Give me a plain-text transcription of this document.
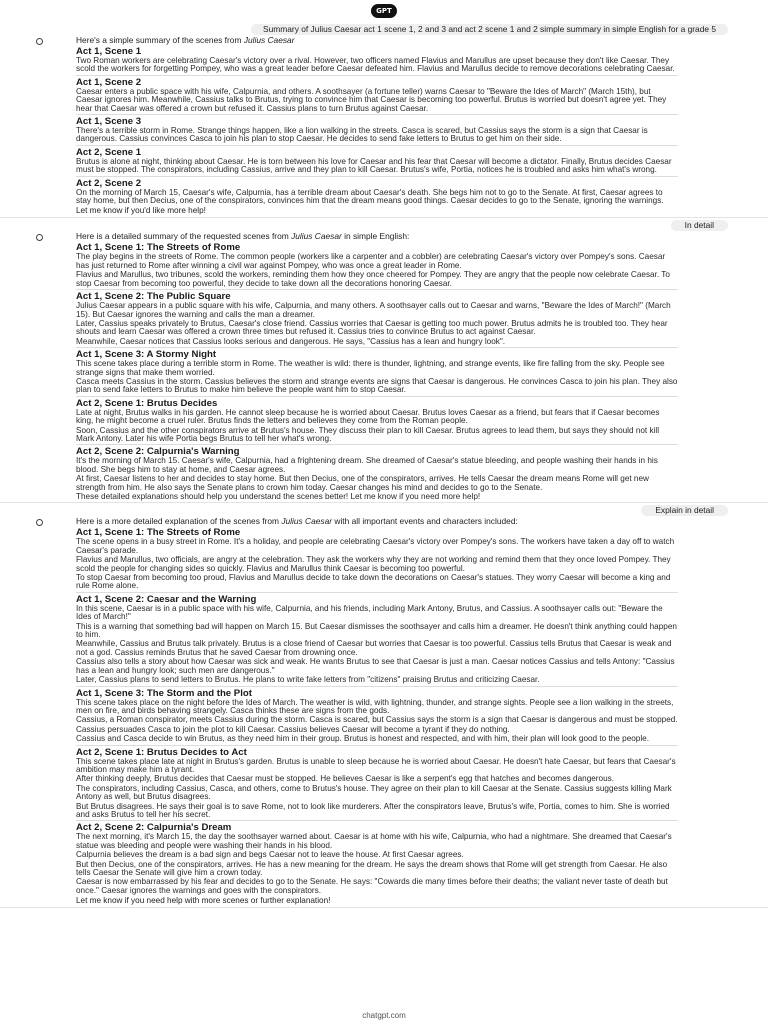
GPT
Summary of Julius Caesar act 1 scene 1, 2 and 3 and act 2 scene 1 and 2 simple summary in simple English for a grade 5

Here's a simple summary of the scenes from Julius Caesar

Act 1, Scene 1

Two Roman workers are celebrating Caesar's victory over a rival. However, two officers named Flavius and Marullus are upset because they don't like Caesar. They scold the workers for forgetting Pompey, who was a great leader before Caesar defeated him. Flavius and Marullus decide to remove decorations celebrating Caesar.

Act 1, Scene 2

Caesar enters a public space with his wife, Calpurnia, and others. A soothsayer (a fortune teller) warns Caesar to "Beware the Ides of March" (March 15th), but Caesar ignores him. Meanwhile, Cassius talks to Brutus, trying to convince him that Caesar is becoming too powerful. Brutus is worried but doesn't agree yet. They hear that Caesar was offered a crown but refused it. Cassius plans to turn Brutus against Caesar.

Act 1, Scene 3

There's a terrible storm in Rome. Strange things happen, like a lion walking in the streets. Casca is scared, but Cassius says the storm is a sign that Caesar is dangerous. Cassius convinces Casca to join his plan to stop Caesar. He decides to send fake letters to Brutus to get him on their side.

Act 2, Scene 1

Brutus is alone at night, thinking about Caesar. He is torn between his love for Caesar and his fear that Caesar will become a dictator. Finally, Brutus decides Caesar must be stopped. The conspirators, including Cassius, arrive and they plan to kill Caesar. Brutus's wife, Portia, notices he is troubled and asks him what's wrong.

Act 2, Scene 2

On the morning of March 15, Caesar's wife, Calpurnia, has a terrible dream about Caesar's death. She begs him not to go to the Senate. At first, Caesar agrees to stay home, but then Decius, one of the conspirators, convinces him that the dream means good things. Caesar decides to go to the Senate, ignoring the warnings.

Let me know if you'd like more help!

In detail

Here is a detailed summary of the requested scenes from Julius Caesar in simple English:

Act 1, Scene 1: The Streets of Rome

The play begins in the streets of Rome. The common people (workers like a carpenter and a cobbler) are celebrating Caesar's victory over Pompey's sons. Caesar has just returned to Rome after winning a civil war against Pompey, who was once a great leader in Rome.

Flavius and Marullus, two tribunes, scold the workers, reminding them how they once cheered for Pompey. They are angry that the people now celebrate Caesar. To stop Caesar from becoming too powerful, they decide to take down all the decorations honoring Caesar.

Act 1, Scene 2: The Public Square

Julius Caesar appears in a public square with his wife, Calpurnia, and many others. A soothsayer calls out to Caesar and warns, "Beware the Ides of March!" (March 15). But Caesar ignores the warning and calls the man a dreamer.

Later, Cassius speaks privately to Brutus, Caesar's close friend. Cassius worries that Caesar is getting too much power. Brutus admits he is troubled too. They hear shouts and learn Caesar was offered a crown three times but refused it. Cassius tries to convince Brutus to act against Caesar.

Meanwhile, Caesar notices that Cassius looks serious and dangerous. He says, "Cassius has a lean and hungry look".

Act 1, Scene 3: A Stormy Night

This scene takes place during a terrible storm in Rome. The weather is wild: there is thunder, lightning, and strange events, like fire falling from the sky. People see strange signs that make them worried.

Casca meets Cassius in the storm. Cassius believes the storm and strange events are signs that Caesar is dangerous. He convinces Casca to join his plan. They also plan to send fake letters to Brutus to make him believe the people want him to stop Caesar.

Act 2, Scene 1: Brutus Decides

Late at night, Brutus walks in his garden. He cannot sleep because he is worried about Caesar. Brutus loves Caesar as a friend, but fears that if Caesar becomes king, he might become a cruel ruler. Brutus finds the letters and believes they come from the Roman people.

Soon, Cassius and the other conspirators arrive at Brutus's house. They discuss their plan to kill Caesar. Brutus agrees to lead them, but says they should not kill Mark Antony. Later his wife Portia begs Brutus to tell her what's wrong.

Act 2, Scene 2: Calpurnia's Warning

It's the morning of March 15. Caesar's wife, Calpurnia, had a frightening dream. She dreamed of Caesar's statue bleeding, and people washing their hands in his blood. She begs him to stay at home, and Caesar agrees.

At first, Caesar listens to her and decides to stay home. But then Decius, one of the conspirators, arrives. He tells Caesar the dream means Rome will get new strength from him. He also says the Senate plans to crown him today. Caesar changes his mind and decides to go to the Senate.

These detailed explanations should help you understand the scenes better! Let me know if you need more help!

Explain in detail

Here is a more detailed explanation of the scenes from Julius Caesar with all important events and characters included:

Act 1, Scene 1: The Streets of Rome

The scene opens in a busy street in Rome. It's a holiday, and people are celebrating Caesar's victory over Pompey's sons. The workers have taken a day off to watch Caesar's parade.

Flavius and Marullus, two officials, are angry at the celebration. They ask the workers why they are not working and remind them that they once loved Pompey. They scold the people for changing sides so quickly. Flavius and Marullus think Caesar is becoming too powerful.

To stop Caesar from becoming too proud, Flavius and Marullus decide to take down the decorations on Caesar's statues. They worry Caesar will become a king and rule Rome alone.

Act 1, Scene 2: Caesar and the Warning

In this scene, Caesar is in a public space with his wife, Calpurnia, and his friends, including Mark Antony, Brutus, and Cassius. A soothsayer calls out: "Beware the Ides of March!"

This is a warning that something bad will happen on March 15. But Caesar dismisses the soothsayer and calls him a dreamer. He doesn't think anything could happen to him.

Meanwhile, Cassius and Brutus talk privately. Brutus is a close friend of Caesar but worries that Caesar is too powerful. Cassius tells Brutus that Caesar is weak and not a god. Cassius reminds Brutus that he saved Caesar from drowning once.

Cassius also tells a story about how Caesar was sick and weak. He wants Brutus to see that Caesar is just a man. Caesar notices Cassius and tells Antony: "Cassius has a lean and hungry look; such men are dangerous."

Later, Cassius plans to send letters to Brutus. He plans to write fake letters from "citizens" praising Brutus and criticizing Caesar.

Act 1, Scene 3: The Storm and the Plot

This scene takes place on the night before the Ides of March. The weather is wild, with lightning, thunder, and strange sights. People see a lion walking in the streets, men on fire, and birds behaving strangely. Casca thinks these are signs from the gods.

Cassius, a Roman conspirator, meets Cassius during the storm. Casca is scared, but Cassius says the storm is a sign that Caesar is dangerous and must be stopped.

Cassius persuades Casca to join the plot to kill Caesar. Cassius believes Caesar will become a tyrant if they do nothing.

Cassius and Casca decide to win Brutus, as they need him in their group. Brutus is honest and respected, and with him, their plan will look good to the people.

Act 2, Scene 1: Brutus Decides to Act

This scene takes place late at night in Brutus's garden. Brutus is unable to sleep because he is worried about Caesar. He doesn't hate Caesar, but fears that Caesar's ambition may make him a tyrant.

After thinking deeply, Brutus decides that Caesar must be stopped. He believes Caesar is like a serpent's egg that hatches and becomes dangerous.

The conspirators, including Cassius, Casca, and others, come to Brutus's house. They agree on their plan to kill Caesar at the Senate. Cassius suggests killing Mark Antony as well, but Brutus disagrees.

But Brutus disagrees. He says their goal is to save Rome, not to look like murderers. After the conspirators leave, Brutus's wife, Portia, comes to him. She is worried and asks Brutus to tell her his secret.

Act 2, Scene 2: Calpurnia's Dream

The next morning, it's March 15, the day the soothsayer warned about. Caesar is at home with his wife, Calpurnia, who had a nightmare. She dreamed that Caesar's statue was bleeding and people were washing their hands in his blood.

Calpurnia believes the dream is a bad sign and begs Caesar not to leave the house. At first Caesar agrees.

But then Decius, one of the conspirators, arrives. He has a new meaning for the dream. He says the dream shows that Rome will get strength from Caesar. He also tells Caesar the Senate will give him a crown today.

Caesar is now embarrassed by his fear and decides to go to the Senate. He says: "Cowards die many times before their deaths; the valiant never taste of death but once." Caesar ignores the warnings and goes with the conspirators.

Let me know if you need help with more scenes or further explanation!

chatgpt.com
